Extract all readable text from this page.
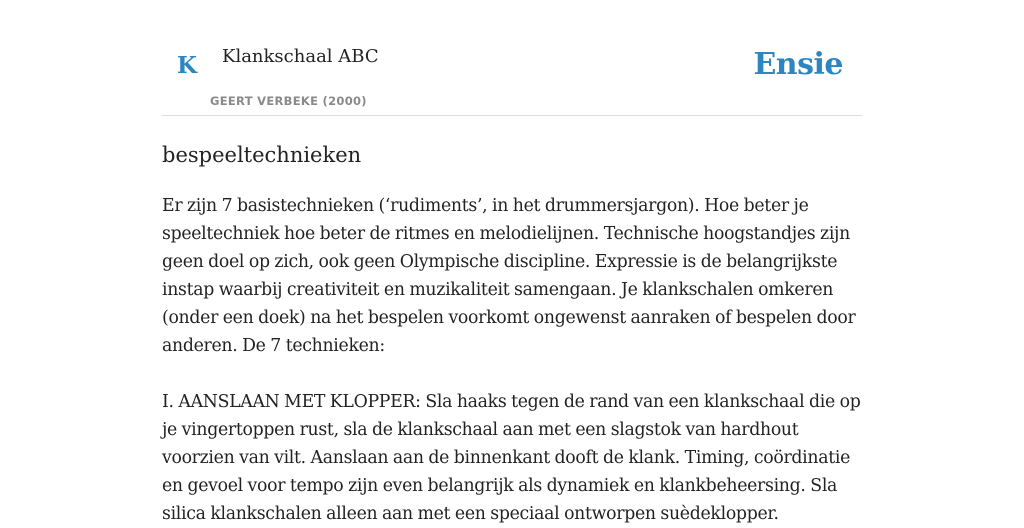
K Klankschaal ABC
GEERT VERBEKE (2000)
Ensie
bespeeltechnieken

Er zijn 7 basistechnieken (‘rudiments’, in het drummersjargon). Hoe beter je speeltechniek hoe beter de ritmes en melodielijnen. Technische hoogstandjes zijn geen doel op zich, ook geen Olympische discipline. Expressie is de belangrijkste instap waarbij creativiteit en muzikaliteit samengaan. Je klankschalen omkeren (onder een doek) na het bespelen voorkomt ongewenst aanraken of bespelen door anderen. De 7 technieken:

I. AANSLAAN MET KLOPPER: Sla haaks tegen de rand van een klankschaal die op je vingertoppen rust, sla de klankschaal aan met een slagstok van hardhout voorzien van vilt. Aanslaan aan de binnenkant dooft de klank. Timing, coördinatie en gevoel voor tempo zijn even belangrijk als dynamiek en klankbeheersing. Sla silica klankschalen alleen aan met een speciaal ontworpen suèdeklopper.
